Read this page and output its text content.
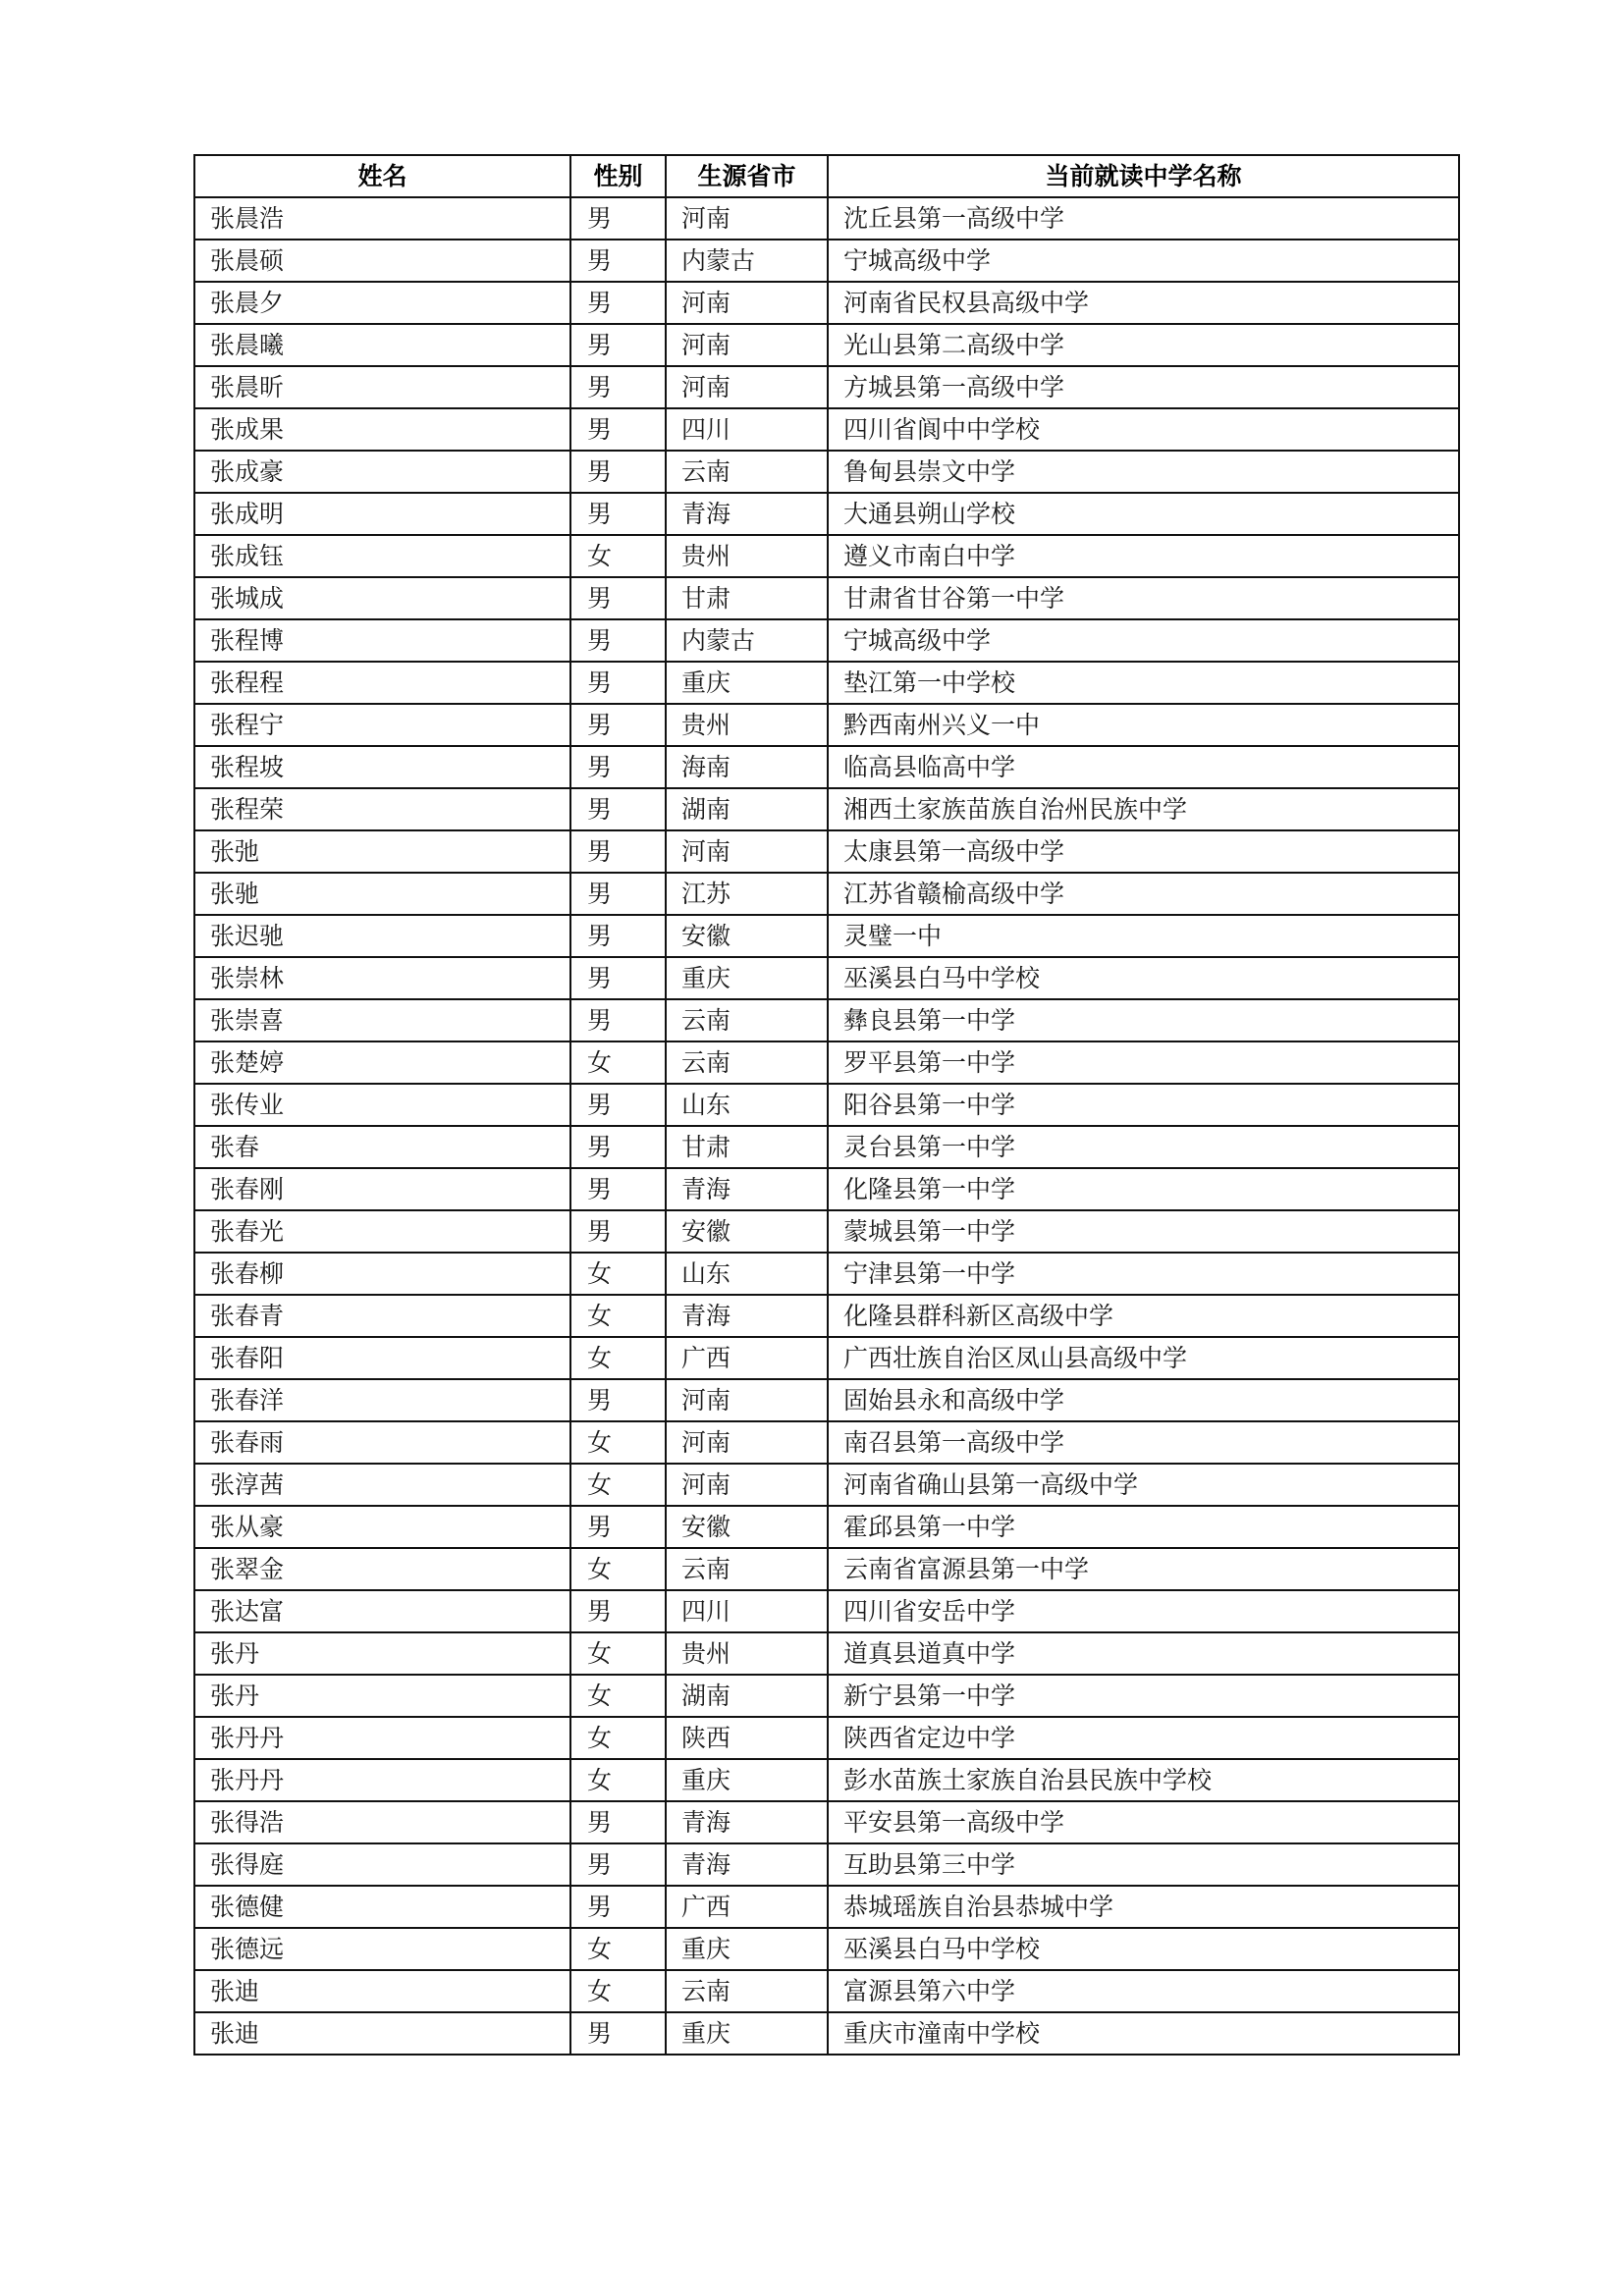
姓名	性别	生源省市	当前就读中学名称
张晨浩	男	河南	沈丘县第一高级中学
张晨硕	男	内蒙古	宁城高级中学
张晨夕	男	河南	河南省民权县高级中学
张晨曦	男	河南	光山县第二高级中学
张晨昕	男	河南	方城县第一高级中学
张成果	男	四川	四川省阆中中学校
张成豪	男	云南	鲁甸县崇文中学
张成明	男	青海	大通县朔山学校
张成钰	女	贵州	遵义市南白中学
张城成	男	甘肃	甘肃省甘谷第一中学
张程博	男	内蒙古	宁城高级中学
张程程	男	重庆	垫江第一中学校
张程宁	男	贵州	黔西南州兴义一中
张程坡	男	海南	临高县临高中学
张程荣	男	湖南	湘西土家族苗族自治州民族中学
张弛	男	河南	太康县第一高级中学
张驰	男	江苏	江苏省赣榆高级中学
张迟驰	男	安徽	灵璧一中
张崇林	男	重庆	巫溪县白马中学校
张崇喜	男	云南	彝良县第一中学
张楚婷	女	云南	罗平县第一中学
张传业	男	山东	阳谷县第一中学
张春	男	甘肃	灵台县第一中学
张春刚	男	青海	化隆县第一中学
张春光	男	安徽	蒙城县第一中学
张春柳	女	山东	宁津县第一中学
张春青	女	青海	化隆县群科新区高级中学
张春阳	女	广西	广西壮族自治区凤山县高级中学
张春洋	男	河南	固始县永和高级中学
张春雨	女	河南	南召县第一高级中学
张淳茜	女	河南	河南省确山县第一高级中学
张从豪	男	安徽	霍邱县第一中学
张翠金	女	云南	云南省富源县第一中学
张达富	男	四川	四川省安岳中学
张丹	女	贵州	道真县道真中学
张丹	女	湖南	新宁县第一中学
张丹丹	女	陕西	陕西省定边中学
张丹丹	女	重庆	彭水苗族土家族自治县民族中学校
张得浩	男	青海	平安县第一高级中学
张得庭	男	青海	互助县第三中学
张德健	男	广西	恭城瑶族自治县恭城中学
张德远	女	重庆	巫溪县白马中学校
张迪	女	云南	富源县第六中学
张迪	男	重庆	重庆市潼南中学校
